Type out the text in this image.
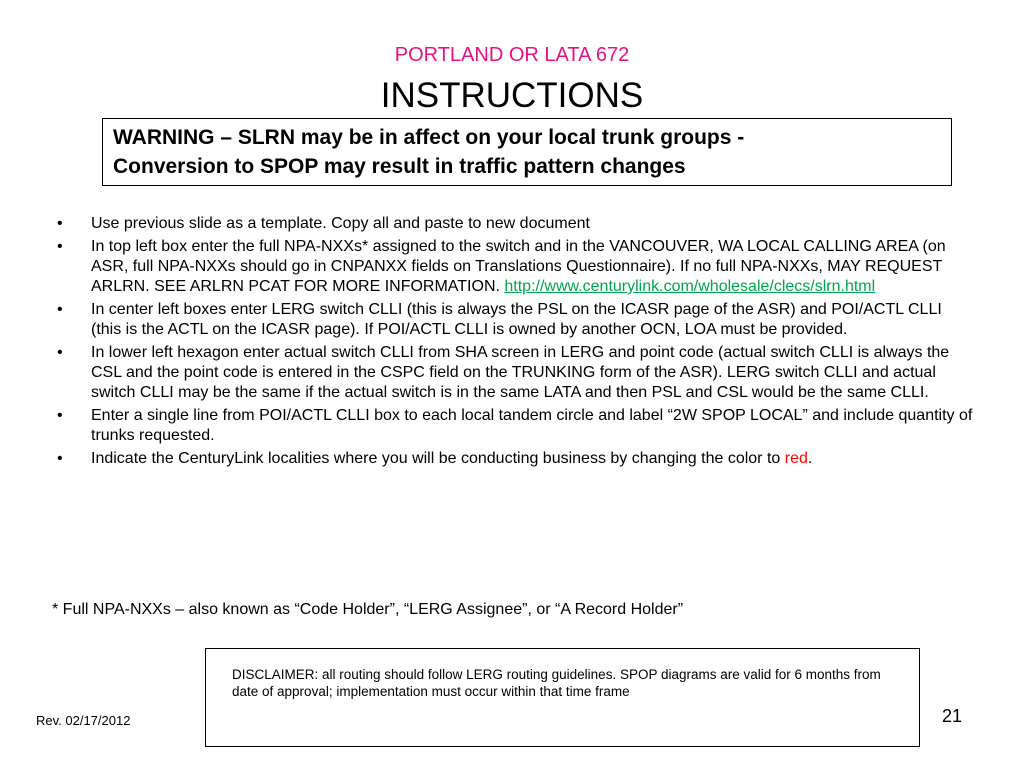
PORTLAND OR LATA 672
INSTRUCTIONS
WARNING – SLRN may be in affect on your local trunk groups -
Conversion to SPOP may result in traffic pattern changes
• Use previous slide as a template. Copy all and paste to new document
• In top left box enter the full NPA-NXXs* assigned to the switch and in the VANCOUVER, WA LOCAL CALLING AREA (on ASR, full NPA-NXXs should go in CNPANXX fields on Translations Questionnaire). If no full NPA-NXXs, MAY REQUEST ARLRN. SEE ARLRN PCAT FOR MORE INFORMATION. http://www.centurylink.com/wholesale/clecs/slrn.html
• In center left boxes enter LERG switch CLLI (this is always the PSL on the ICASR page of the ASR) and POI/ACTL CLLI (this is the ACTL on the ICASR page). If POI/ACTL CLLI is owned by another OCN, LOA must be provided.
• In lower left hexagon enter actual switch CLLI from SHA screen in LERG and point code (actual switch CLLI is always the CSL and the point code is entered in the CSPC field on the TRUNKING form of the ASR). LERG switch CLLI and actual switch CLLI may be the same if the actual switch is in the same LATA and then PSL and CSL would be the same CLLI.
• Enter a single line from POI/ACTL CLLI box to each local tandem circle and label “2W SPOP LOCAL” and include quantity of trunks requested.
• Indicate the CenturyLink localities where you will be conducting business by changing the color to red.
* Full NPA-NXXs – also known as “Code Holder”, “LERG Assignee”, or “A Record Holder”
DISCLAIMER: all routing should follow LERG routing guidelines. SPOP diagrams are valid for 6 months from date of approval; implementation must occur within that time frame
Rev. 02/17/2012	21
